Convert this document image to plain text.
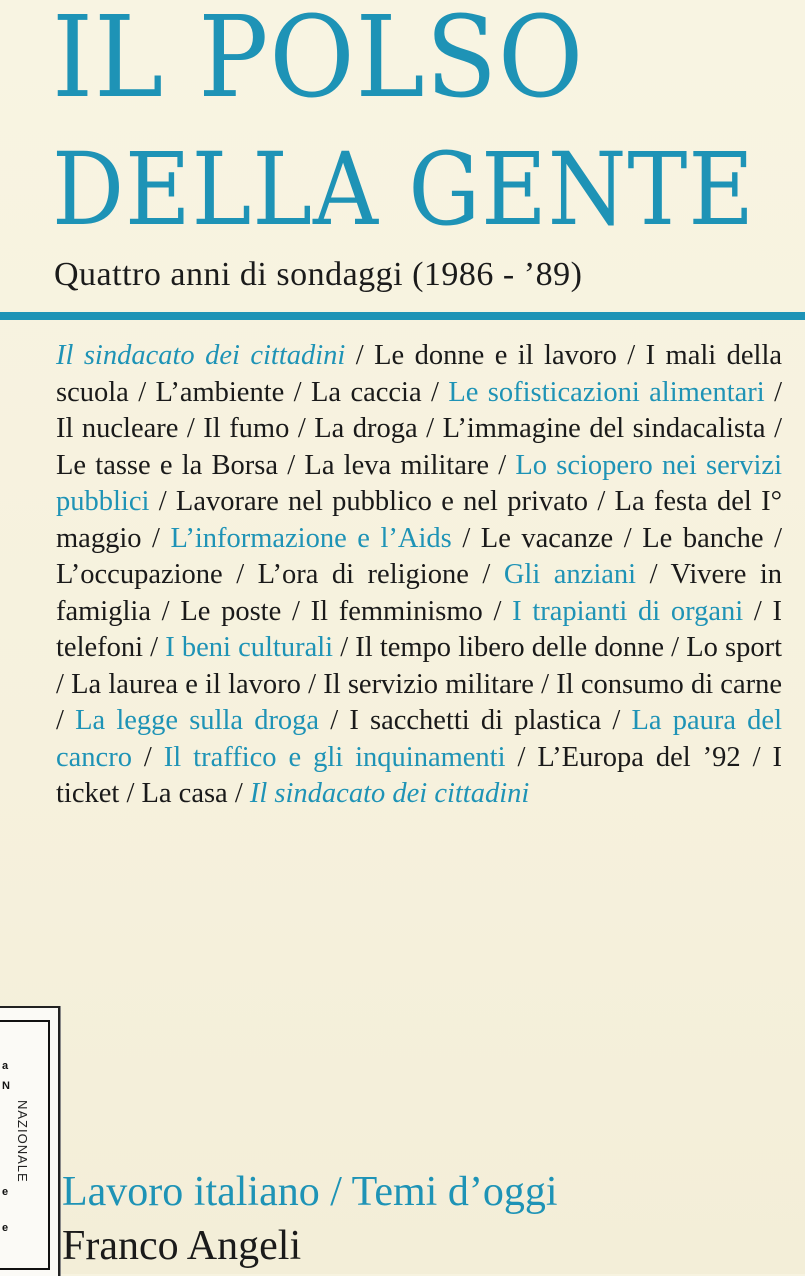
IL POLSO
DELLA GENTE
Quattro anni di sondaggi (1986 - ’89)
Il sindacato dei cittadini / Le donne e il lavoro / I mali della scuola / L’ambiente / La caccia / Le sofisticazioni alimentari / Il nucleare / Il fumo / La droga / L’immagine del sindacalista / Le tasse e la Borsa / La leva militare / Lo sciopero nei servizi pubblici / Lavorare nel pubblico e nel privato / La festa del I° maggio / L’informazione e l’Aids / Le vacanze / Le banche / L’occupazione / L’ora di religione / Gli anziani / Vivere in famiglia / Le poste / Il femminismo / I trapianti di organi / I telefoni / I beni culturali / Il tempo libero delle donne / Lo sport / La laurea e il lavoro / Il servizio militare / Il consumo di carne / La legge sulla droga / I sacchetti di plastica / La paura del cancro / Il traffico e gli inquinamenti / L’Europa del ’92 / I ticket / La casa / Il sindacato dei cittadini
a
N
e
e
NAZIONALE
Lavoro italiano / Temi d’oggi
Franco Angeli
